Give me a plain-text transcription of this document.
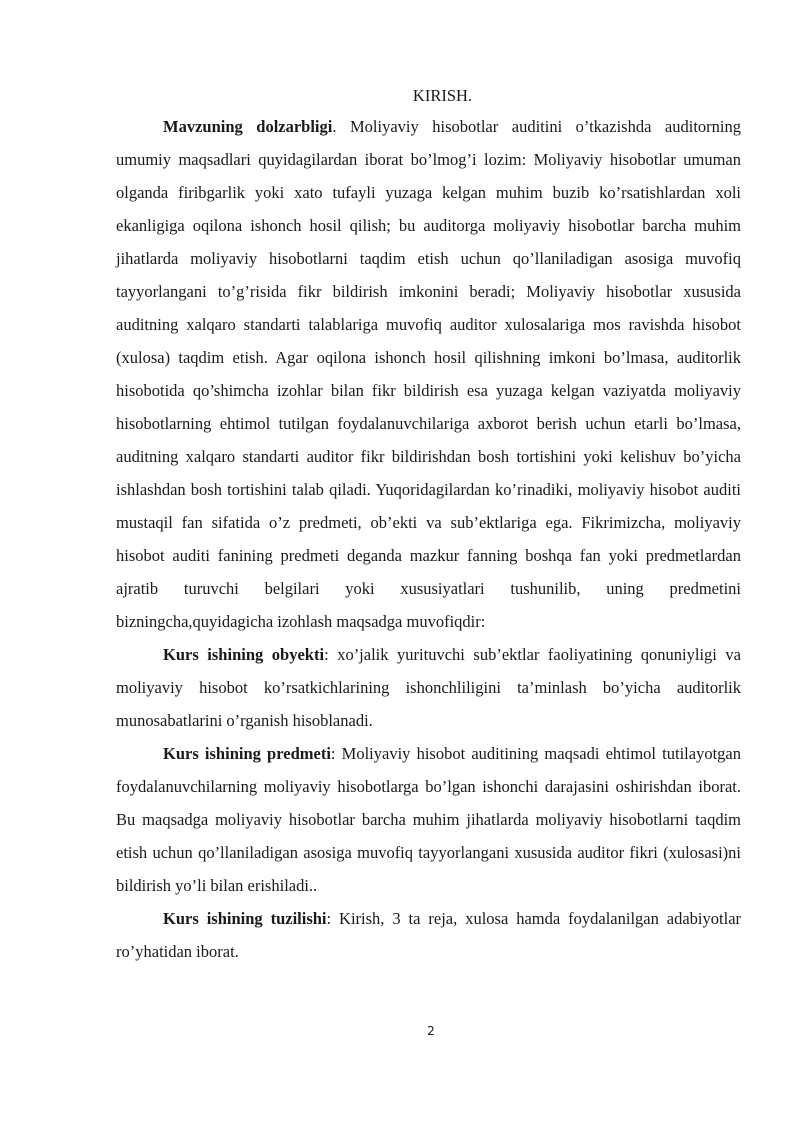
KIRISH.

Mavzuning dolzarbligi. Moliyaviy hisobotlar auditini o’tkazishda auditorning umumiy maqsadlari quyidagilardan iborat bo’lmog’i lozim: Moliyaviy hisobotlar umuman olganda firibgarlik yoki xato tufayli yuzaga kelgan muhim buzib ko’rsatishlardan xoli ekanligiga oqilona ishonch hosil qilish; bu auditorga moliyaviy hisobotlar barcha muhim jihatlarda moliyaviy hisobotlarni taqdim etish uchun qo’llaniladigan asosiga muvofiq tayyorlangani to’g’risida fikr bildirish imkonini beradi; Moliyaviy hisobotlar xususida auditning xalqaro standarti talablariga muvofiq auditor xulosalariga mos ravishda hisobot (xulosa) taqdim etish. Agar oqilona ishonch hosil qilishning imkoni bo’lmasa, auditorlik hisobotida qo’shimcha izohlar bilan fikr bildirish esa yuzaga kelgan vaziyatda moliyaviy hisobotlarning ehtimol tutilgan foydalanuvchilariga axborot berish uchun etarli bo’lmasa, auditning xalqaro standarti auditor fikr bildirishdan bosh tortishini yoki kelishuv bo’yicha ishlashdan bosh tortishini talab qiladi. Yuqoridagilardan ko’rinadiki, moliyaviy hisobot auditi mustaqil fan sifatida o’z predmeti, ob’ekti va sub’ektlariga ega. Fikrimizcha, moliyaviy hisobot auditi fanining predmeti deganda mazkur fanning boshqa fan yoki predmetlardan ajratib turuvchi belgilari yoki xususiyatlari tushunilib, uning predmetini bizningcha,quyidagicha izohlash maqsadga muvofiqdir:

Kurs ishining obyekti: xo’jalik yurituvchi sub’ektlar faoliyatining qonuniyligi va moliyaviy hisobot ko’rsatkichlarining ishonchliligini ta’minlash bo’yicha auditorlik munosabatlarini o’rganish hisoblanadi.

Kurs ishining predmeti: Moliyaviy hisobot auditining maqsadi ehtimol tutilayotgan foydalanuvchilarning moliyaviy hisobotlarga bo’lgan ishonchi darajasini oshirishdan iborat. Bu maqsadga moliyaviy hisobotlar barcha muhim jihatlarda moliyaviy hisobotlarni taqdim etish uchun qo’llaniladigan asosiga muvofiq tayyorlangani xususida auditor fikri (xulosasi)ni bildirish yo’li bilan erishiladi..

Kurs ishining tuzilishi: Kirish, 3 ta reja, xulosa hamda foydalanilgan adabiyotlar ro’yhatidan iborat.

2
